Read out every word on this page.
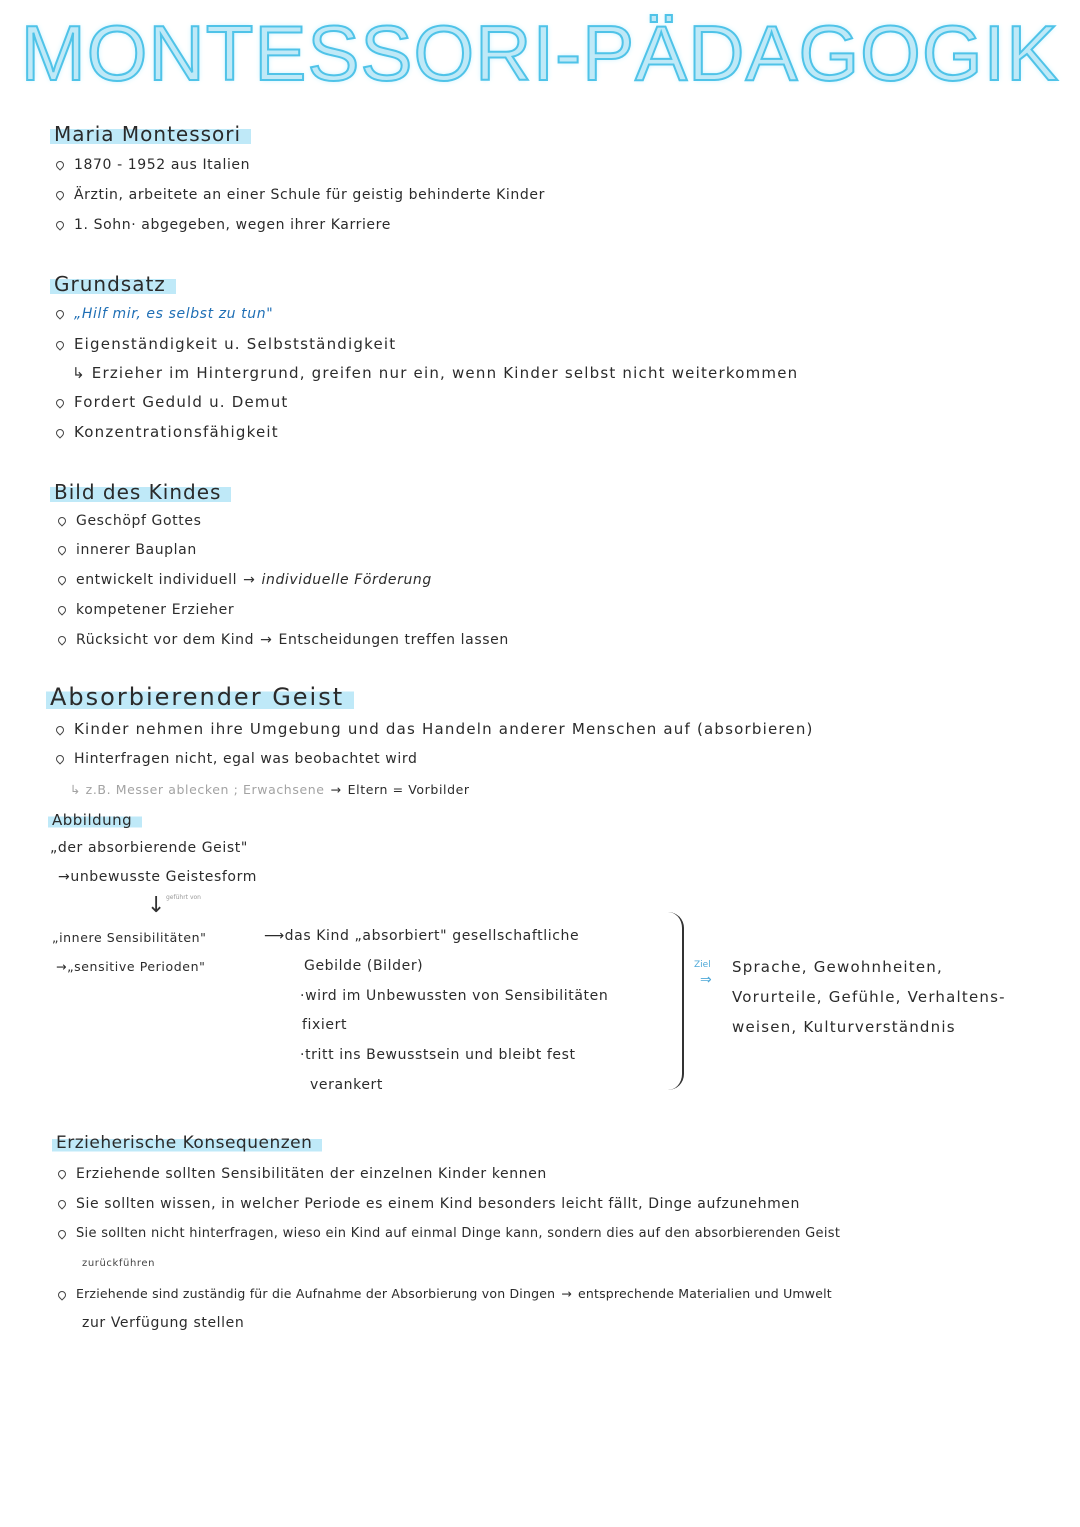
MONTESSORI-PÄDAGOGIK
Maria Montessori
1870 - 1952 aus Italien
Ärztin, arbeitete an einer Schule für geistig behinderte Kinder
1. Sohn· abgegeben, wegen ihrer Karriere
Grundsatz
„Hilf mir, es selbst zu tun"
Eigenständigkeit u. Selbstständigkeit
↳ Erzieher im Hintergrund, greifen nur ein, wenn Kinder selbst nicht weiterkommen
Fordert Geduld u. Demut
Konzentrationsfähigkeit
Bild des Kindes
Geschöpf Gottes
innerer Bauplan
entwickelt individuell → individuelle Förderung
kompetener Erzieher
Rücksicht vor dem Kind → Entscheidungen treffen lassen
Absorbierender Geist
Kinder nehmen ihre Umgebung und das Handeln anderer Menschen auf (absorbieren)
Hinterfragen nicht, egal was beobachtet wird
↳ z.B. Messer ablecken ; Erwachsene → Eltern = Vorbilder
Abbildung
„der absorbierende Geist"
→unbewusste Geistesform
↓ geführt von
„innere Sensibilitäten"
→„sensitive Perioden"
⟶das Kind „absorbiert" gesellschaftliche
Gebilde (Bilder)
·wird im Unbewussten von Sensibilitäten
fixiert
·tritt ins Bewusstsein und bleibt fest
verankert
Ziel
⇒
Sprache, Gewohnheiten,
Vorurteile, Gefühle, Verhaltens-
weisen, Kulturverständnis
Erzieherische Konsequenzen
Erziehende sollten Sensibilitäten der einzelnen Kinder kennen
Sie sollten wissen, in welcher Periode es einem Kind besonders leicht fällt, Dinge aufzunehmen
Sie sollten nicht hinterfragen, wieso ein Kind auf einmal Dinge kann, sondern dies auf den absorbierenden Geist
zurückführen
Erziehende sind zuständig für die Aufnahme der Absorbierung von Dingen → entsprechende Materialien und Umwelt
zur Verfügung stellen
